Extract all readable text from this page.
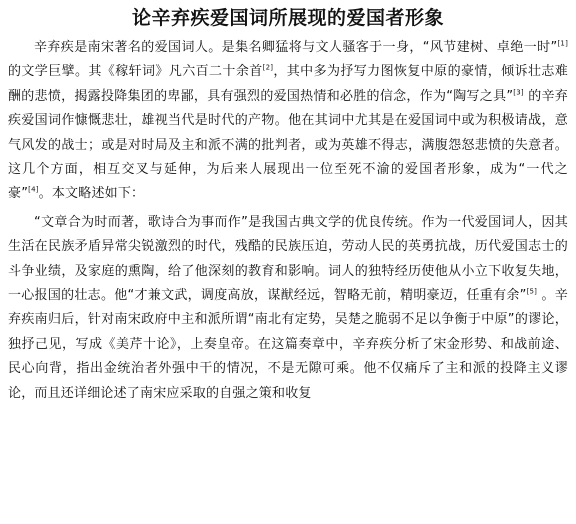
论辛弃疾爱国词所展现的爱国者形象

辛弃疾是南宋著名的爱国词人。是集名卿猛将与文人骚客于一身，“风节建树、卓绝一时”[1] 的文学巨擘。其《稼轩词》凡六百二十余首[2]，其中多为抒写力图恢复中原的豪情，倾诉壮志难酬的悲愤，揭露投降集团的卑鄙，具有强烈的爱国热情和必胜的信念，作为“陶写之具”[3] 的辛弃疾爱国词作慷慨悲壮，雄视当代是时代的产物。他在其词中尤其是在爱国词中或为积极请战，意气风发的战士；或是对时局及主和派不满的批判者，或为英雄不得志，满腹怨怒悲愤的失意者。这几个方面，相互交叉与延伸，为后来人展现出一位至死不渝的爱国者形象，成为“一代之豪”[4]。本文略述如下：

“文章合为时而著，歌诗合为事而作”是我国古典文学的优良传统。作为一代爱国词人，因其生活在民族矛盾异常尖锐激烈的时代，残酷的民族压迫，劳动人民的英勇抗战，历代爱国志士的斗争业绩，及家庭的熏陶，给了他深刻的教育和影响。词人的独特经历使他从小立下收复失地，一心报国的壮志。他“才兼文武，调度高放，谋猷经远，智略无前，精明豪迈，任重有余”[5] 。辛弃疾南归后，针对南宋政府中主和派所谓“南北有定势，吴楚之脆弱不足以争衡于中原”的谬论，独抒己见，写成《美芹十论》，上奏皇帝。在这篇奏章中，辛弃疾分析了宋金形势、和战前途、民心向背，指出金统治者外强中干的情况，不是无隙可乘。他不仅痛斥了主和派的投降主义谬论，而且还详细论述了南宋应采取的自强之策和收复
